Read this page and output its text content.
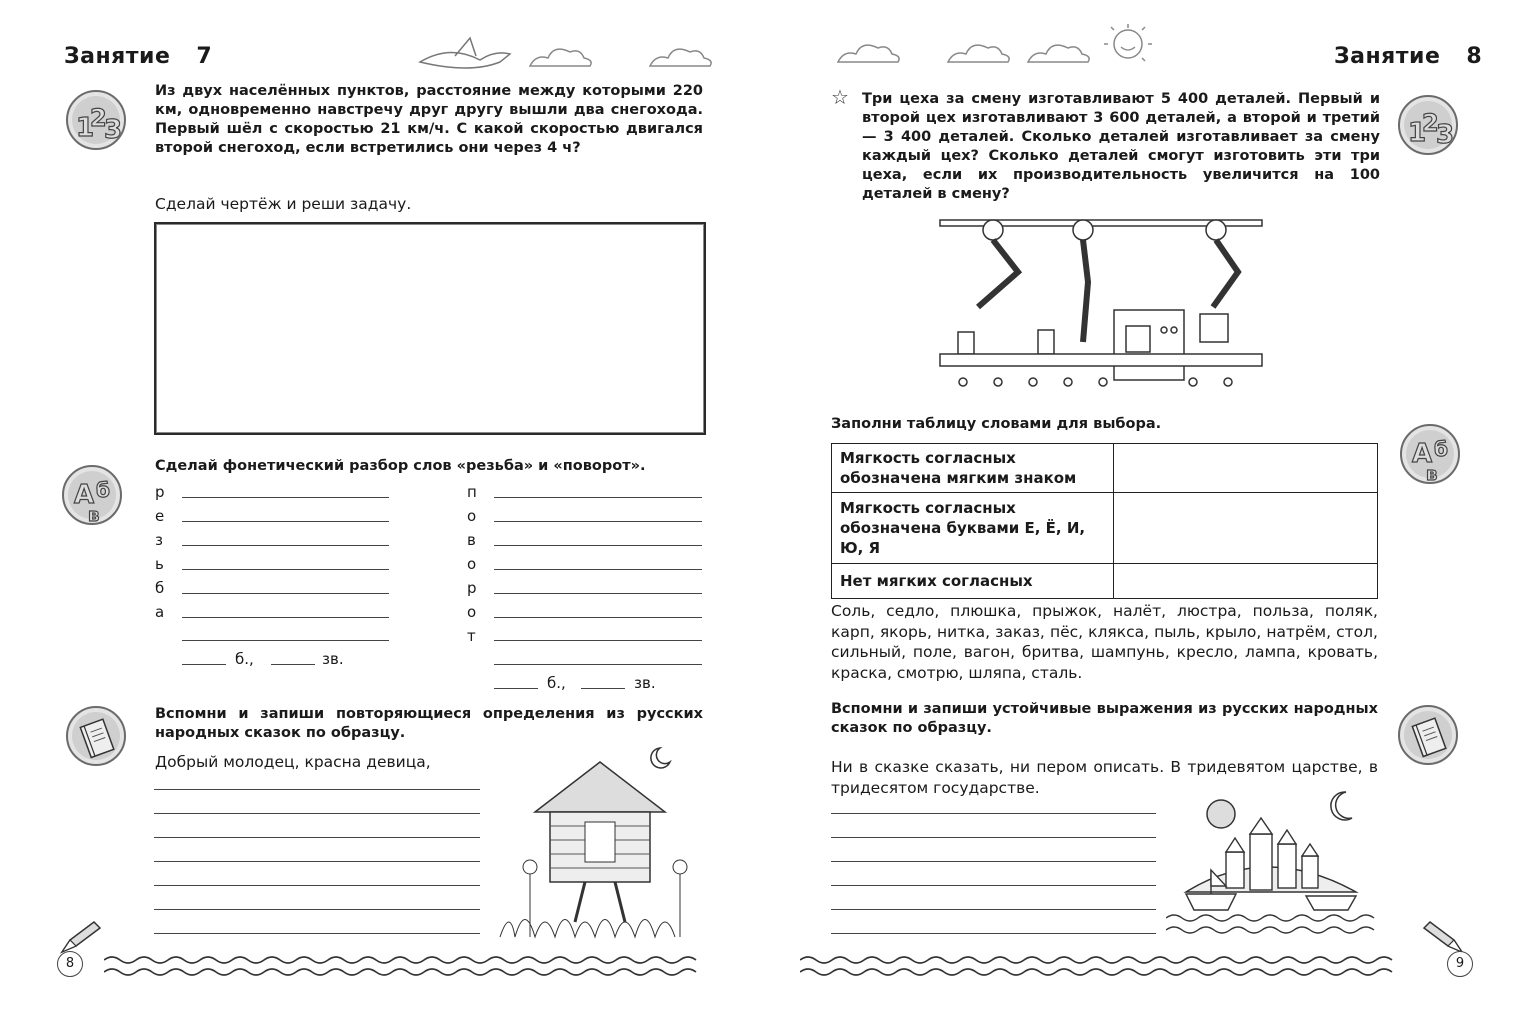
Занятие 7
1
2
3
Из двух населённых пунктов, расстояние между которыми 220 км, одновременно навстречу друг другу вышли два снегохода. Первый шёл с скоростью 21 км/ч. С какой скоростью двигался второй снегоход, если встретились они через 4 ч?
Сделай чертёж и реши задачу.
А б
в
Сделай фонетический разбор слов «резьба» и «поворот».
р
е
з
ь
б
а
б.,	зв.
п
о
в
о
р
о
т
б.,	зв.
Вспомни и запиши повторяющиеся определения из русских народных сказок по образцу.
Добрый молодец, красна девица,
8
Занятие 8
☆ Три цеха за смену изготавливают 5 400 деталей. Первый и второй цех изготавливают 3 600 деталей, а второй и третий — 3 400 деталей. Сколько деталей изготавливает за смену каждый цех? Сколько деталей смогут изготовить эти три цеха, если их производительность увеличится на 100 деталей в смену?
1
2
3
Заполни таблицу словами для выбора.
Мягкость согласных обозначена мягким знаком	
Мягкость согласных обозначена буквами Е, Ё, И, Ю, Я	
Нет мягких согласных	
А б
в
Соль, седло, плюшка, прыжок, налёт, люстра, польза, поляк, карп, якорь, нитка, заказ, пёс, клякса, пыль, крыло, натрём, стол, сильный, поле, вагон, бритва, шампунь, кресло, лампа, кровать, краска, смотрю, шляпа, сталь.
Вспомни и запиши устойчивые выражения из русских народных сказок по образцу.
Ни в сказке сказать, ни пером описать. В тридевятом царстве, в тридесятом государстве.
9
